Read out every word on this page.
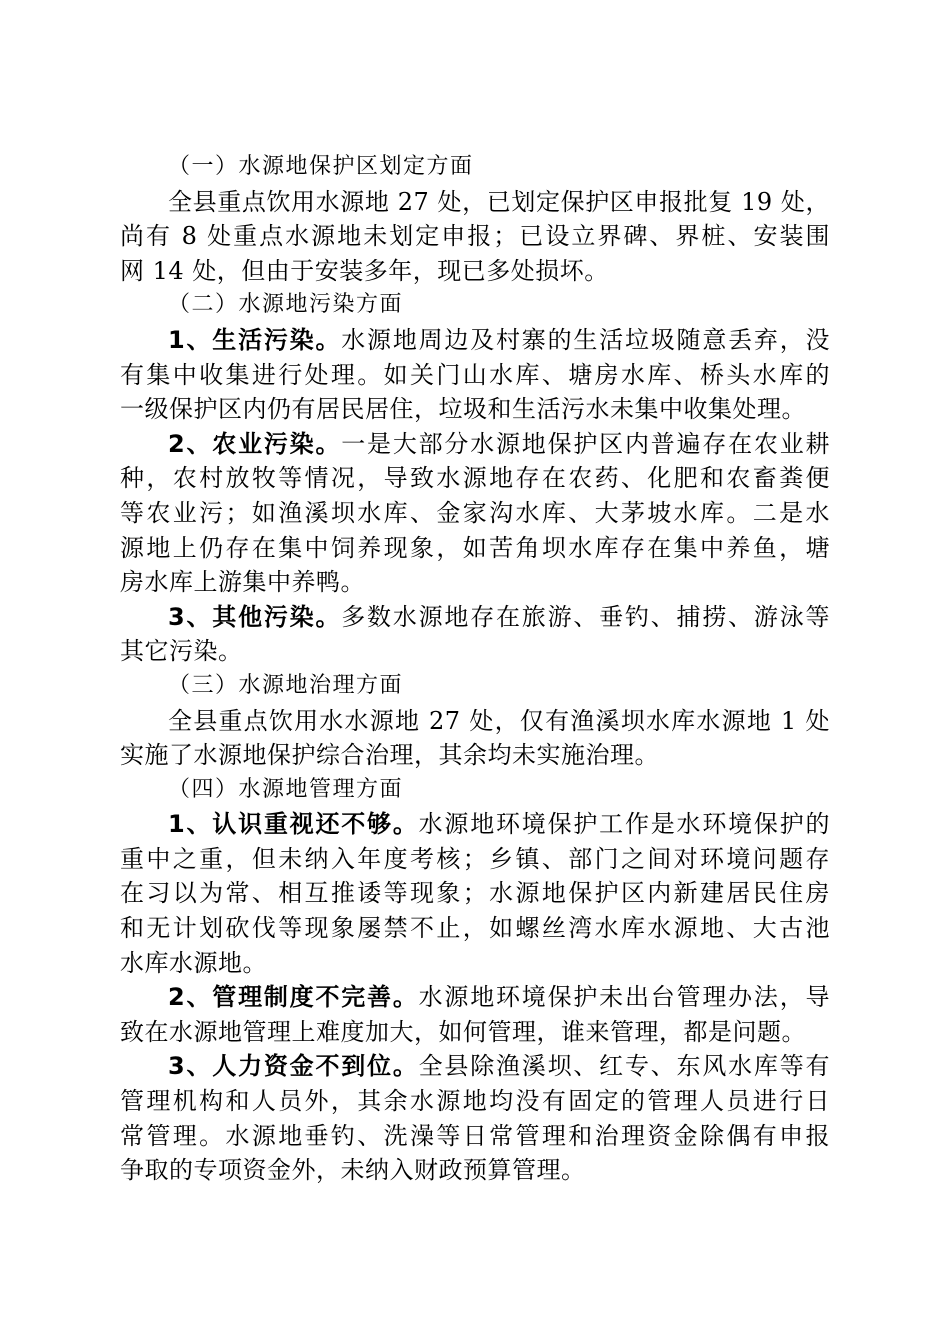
（一）水源地保护区划定方面
全县重点饮用水源地 27 处，已划定保护区申报批复 19 处，
尚有 8 处重点水源地未划定申报；已设立界碑、界桩、安装围
网 14 处，但由于安装多年，现已多处损坏。
（二）水源地污染方面
1、生活污染。水源地周边及村寨的生活垃圾随意丢弃，没
有集中收集进行处理。如关门山水库、塘房水库、桥头水库的
一级保护区内仍有居民居住，垃圾和生活污水未集中收集处理。
2、农业污染。一是大部分水源地保护区内普遍存在农业耕
种，农村放牧等情况，导致水源地存在农药、化肥和农畜粪便
等农业污；如渔溪坝水库、金家沟水库、大茅坡水库。二是水
源地上仍存在集中饲养现象，如苦角坝水库存在集中养鱼，塘
房水库上游集中养鸭。
3、其他污染。多数水源地存在旅游、垂钓、捕捞、游泳等
其它污染。
（三）水源地治理方面
全县重点饮用水水源地 27 处，仅有渔溪坝水库水源地 1 处
实施了水源地保护综合治理，其余均未实施治理。
（四）水源地管理方面
1、认识重视还不够。水源地环境保护工作是水环境保护的
重中之重，但未纳入年度考核；乡镇、部门之间对环境问题存
在习以为常、相互推诿等现象；水源地保护区内新建居民住房
和无计划砍伐等现象屡禁不止，如螺丝湾水库水源地、大古池
水库水源地。
2、管理制度不完善。水源地环境保护未出台管理办法，导
致在水源地管理上难度加大，如何管理，谁来管理，都是问题。
3、人力资金不到位。全县除渔溪坝、红专、东风水库等有
管理机构和人员外，其余水源地均没有固定的管理人员进行日
常管理。水源地垂钓、洗澡等日常管理和治理资金除偶有申报
争取的专项资金外，未纳入财政预算管理。
